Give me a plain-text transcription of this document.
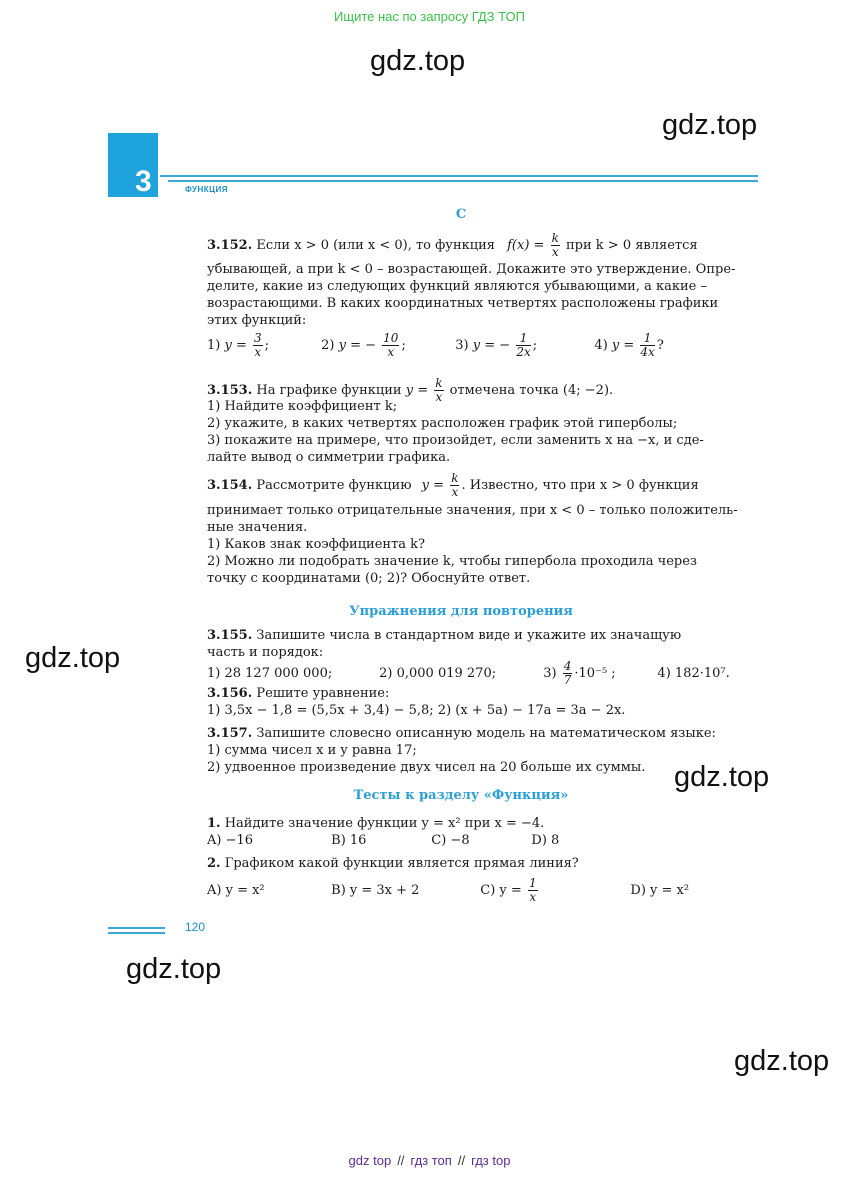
Ищите нас по запросу ГДЗ ТОП
gdz.top
gdz.top
gdz.top
gdz.top
gdz.top
gdz.top
3	ФУНКЦИЯ
С
3.152. Если x > 0 (или x < 0), то функция $f(x) = \frac{k}{x}$ при k > 0 является
убывающей, а при k < 0 – возрастающей. Докажите это утверждение. Опре-
делите, какие из следующих функций являются убывающими, а какие –
возрастающими. В каких координатных четвертях расположены графики
этих функций:
1) $y = \frac{3}{x}$ ;	2) y = − $\frac{10}{x}$ ;	3) y = − $\frac{1}{2x}$ ;	4) $y = \frac{1}{4x}$ ?
3.153. На графике функции $y = \frac{k}{x}$ отмечена точка (4; −2).
1) Найдите коэффициент k;
2) укажите, в каких четвертях расположен график этой гиперболы;
3) покажите на примере, что произойдет, если заменить x на −x, и сде-
лайте вывод о симметрии графика.
3.154. Рассмотрите функцию $y = \frac{k}{x}$ . Известно, что при x > 0 функция
принимает только отрицательные значения, при x < 0 – только положитель-
ные значения.
1) Каков знак коэффициента k?
2) Можно ли подобрать значение k, чтобы гипербола проходила через
точку с координатами (0; 2)? Обоснуйте ответ.
Упражнения для повторения
3.155. Запишите числа в стандартном виде и укажите их значащую
часть и порядок:
1) 28 127 000 000;	2) 0,000 019 270;	$3) \frac{4}{7} \cdot 10^{-5}$ ;	4) 182·10⁷.
3.156. Решите уравнение:
1) 3,5x − 1,8 = (5,5x + 3,4) − 5,8; 2) (x + 5a) − 17a = 3a − 2x.
3.157. Запишите словесно описанную модель на математическом языке:
1) сумма чисел x и y равна 17;
2) удвоенное произведение двух чисел на 20 больше их суммы.
Тесты к разделу «Функция»
1. Найдите значение функции y = x² при x = −4.
A) −16	B) 16	C) −8	D) 8
2. Графиком какой функции является прямая линия?
A) y = x²	B) y = 3x + 2	C) $y = \frac{1}{x}$	D) y = x²
120
gdz top // гдз топ // гдз top
